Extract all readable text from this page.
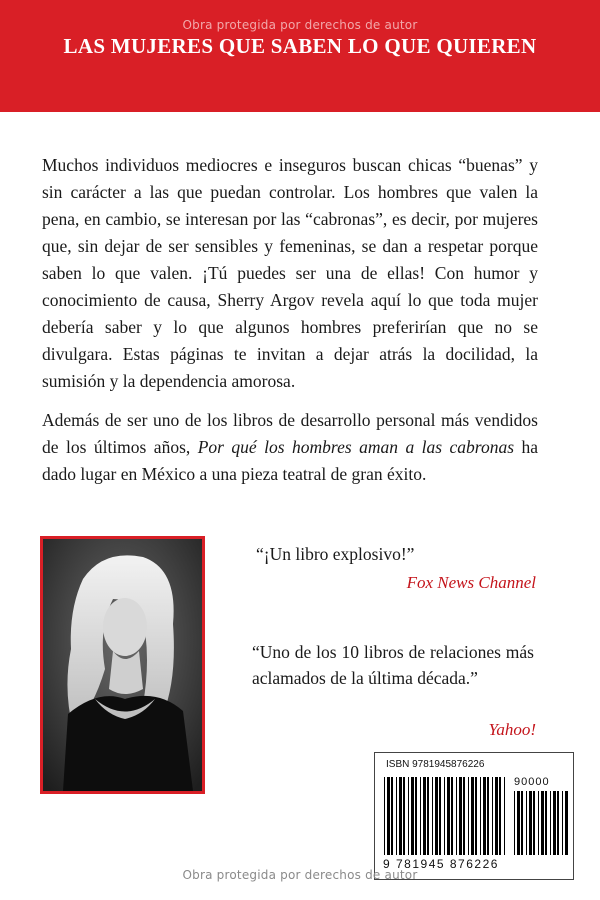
Obra protegida por derechos de autor
LAS MUJERES QUE SABEN LO QUE QUIEREN

Muchos individuos mediocres e inseguros buscan chicas “buenas” y sin carácter a las que puedan controlar. Los hombres que valen la pena, en cambio, se interesan por las “cabronas”, es decir, por mujeres que, sin dejar de ser sensibles y femeninas, se dan a respetar porque saben lo que valen. ¡Tú puedes ser una de ellas! Con humor y conocimiento de causa, Sherry Argov revela aquí lo que toda mujer debería saber y lo que algunos hombres preferirían que no se divulgara. Estas páginas te invitan a dejar atrás la docilidad, la sumisión y la dependencia amorosa.

Además de ser uno de los libros de desarrollo personal más vendidos de los últimos años, Por qué los hombres aman a las cabronas ha dado lugar en México a una pieza teatral de gran éxito.

“¡Un libro explosivo!”

Fox News Channel

“Uno de los 10 libros de relaciones más aclamados de la última década.”

Yahoo!
ISBN 9781945876226
90000
9 781945 876226
Obra protegida por derechos de autor
